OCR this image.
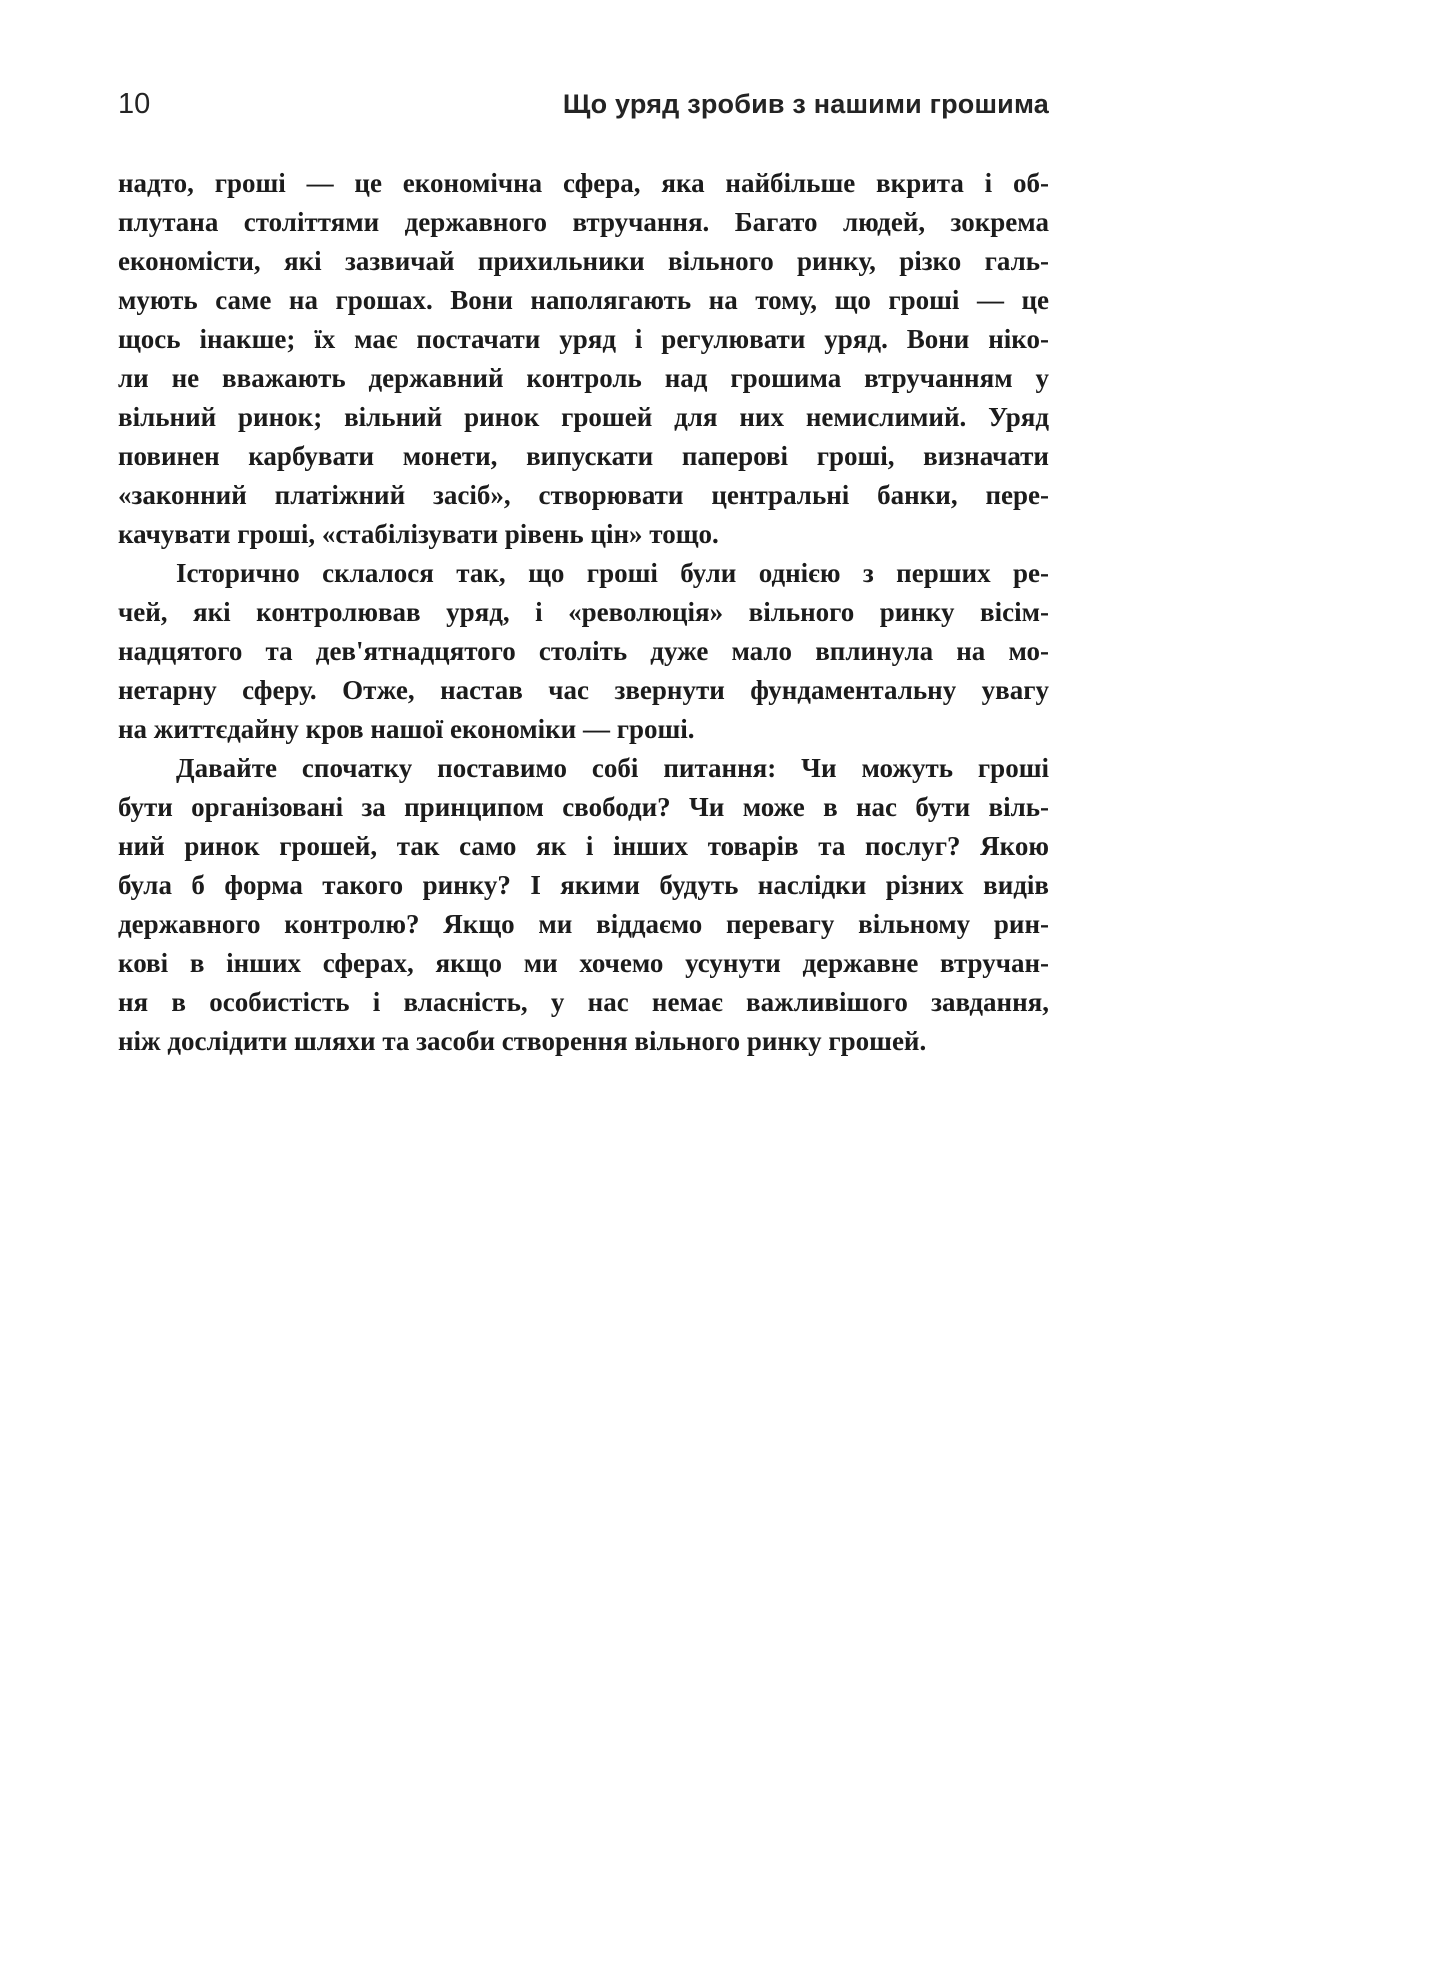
10	Що уряд зробив з нашими грошима
надто, гроші — це економічна сфера, яка найбільше вкрита і об-
плутана століттями державного втручання. Багато людей, зокрема
економісти, які зазвичай прихильники вільного ринку, різко галь-
мують саме на грошах. Вони наполягають на тому, що гроші — це
щось інакше; їх має постачати уряд і регулювати уряд. Вони ніко-
ли не вважають державний контроль над грошима втручанням у
вільний ринок; вільний ринок грошей для них немислимий. Уряд
повинен карбувати монети, випускати паперові гроші, визначати
«законний платіжний засіб», створювати центральні банки, пере-
качувати гроші, «стабілізувати рівень цін» тощо.
Історично склалося так, що гроші були однією з перших ре-
чей, які контролював уряд, і «революція» вільного ринку вісім-
надцятого та дев'ятнадцятого століть дуже мало вплинула на мо-
нетарну сферу. Отже, настав час звернути фундаментальну увагу
на життєдайну кров нашої економіки — гроші.
Давайте спочатку поставимо собі питання: Чи можуть гроші
бути організовані за принципом свободи? Чи може в нас бути віль-
ний ринок грошей, так само як і інших товарів та послуг? Якою
була б форма такого ринку? І якими будуть наслідки різних видів
державного контролю? Якщо ми віддаємо перевагу вільному рин-
кові в інших сферах, якщо ми хочемо усунути державне втручан-
ня в особистість і власність, у нас немає важливішого завдання,
ніж дослідити шляхи та засоби створення вільного ринку грошей.
